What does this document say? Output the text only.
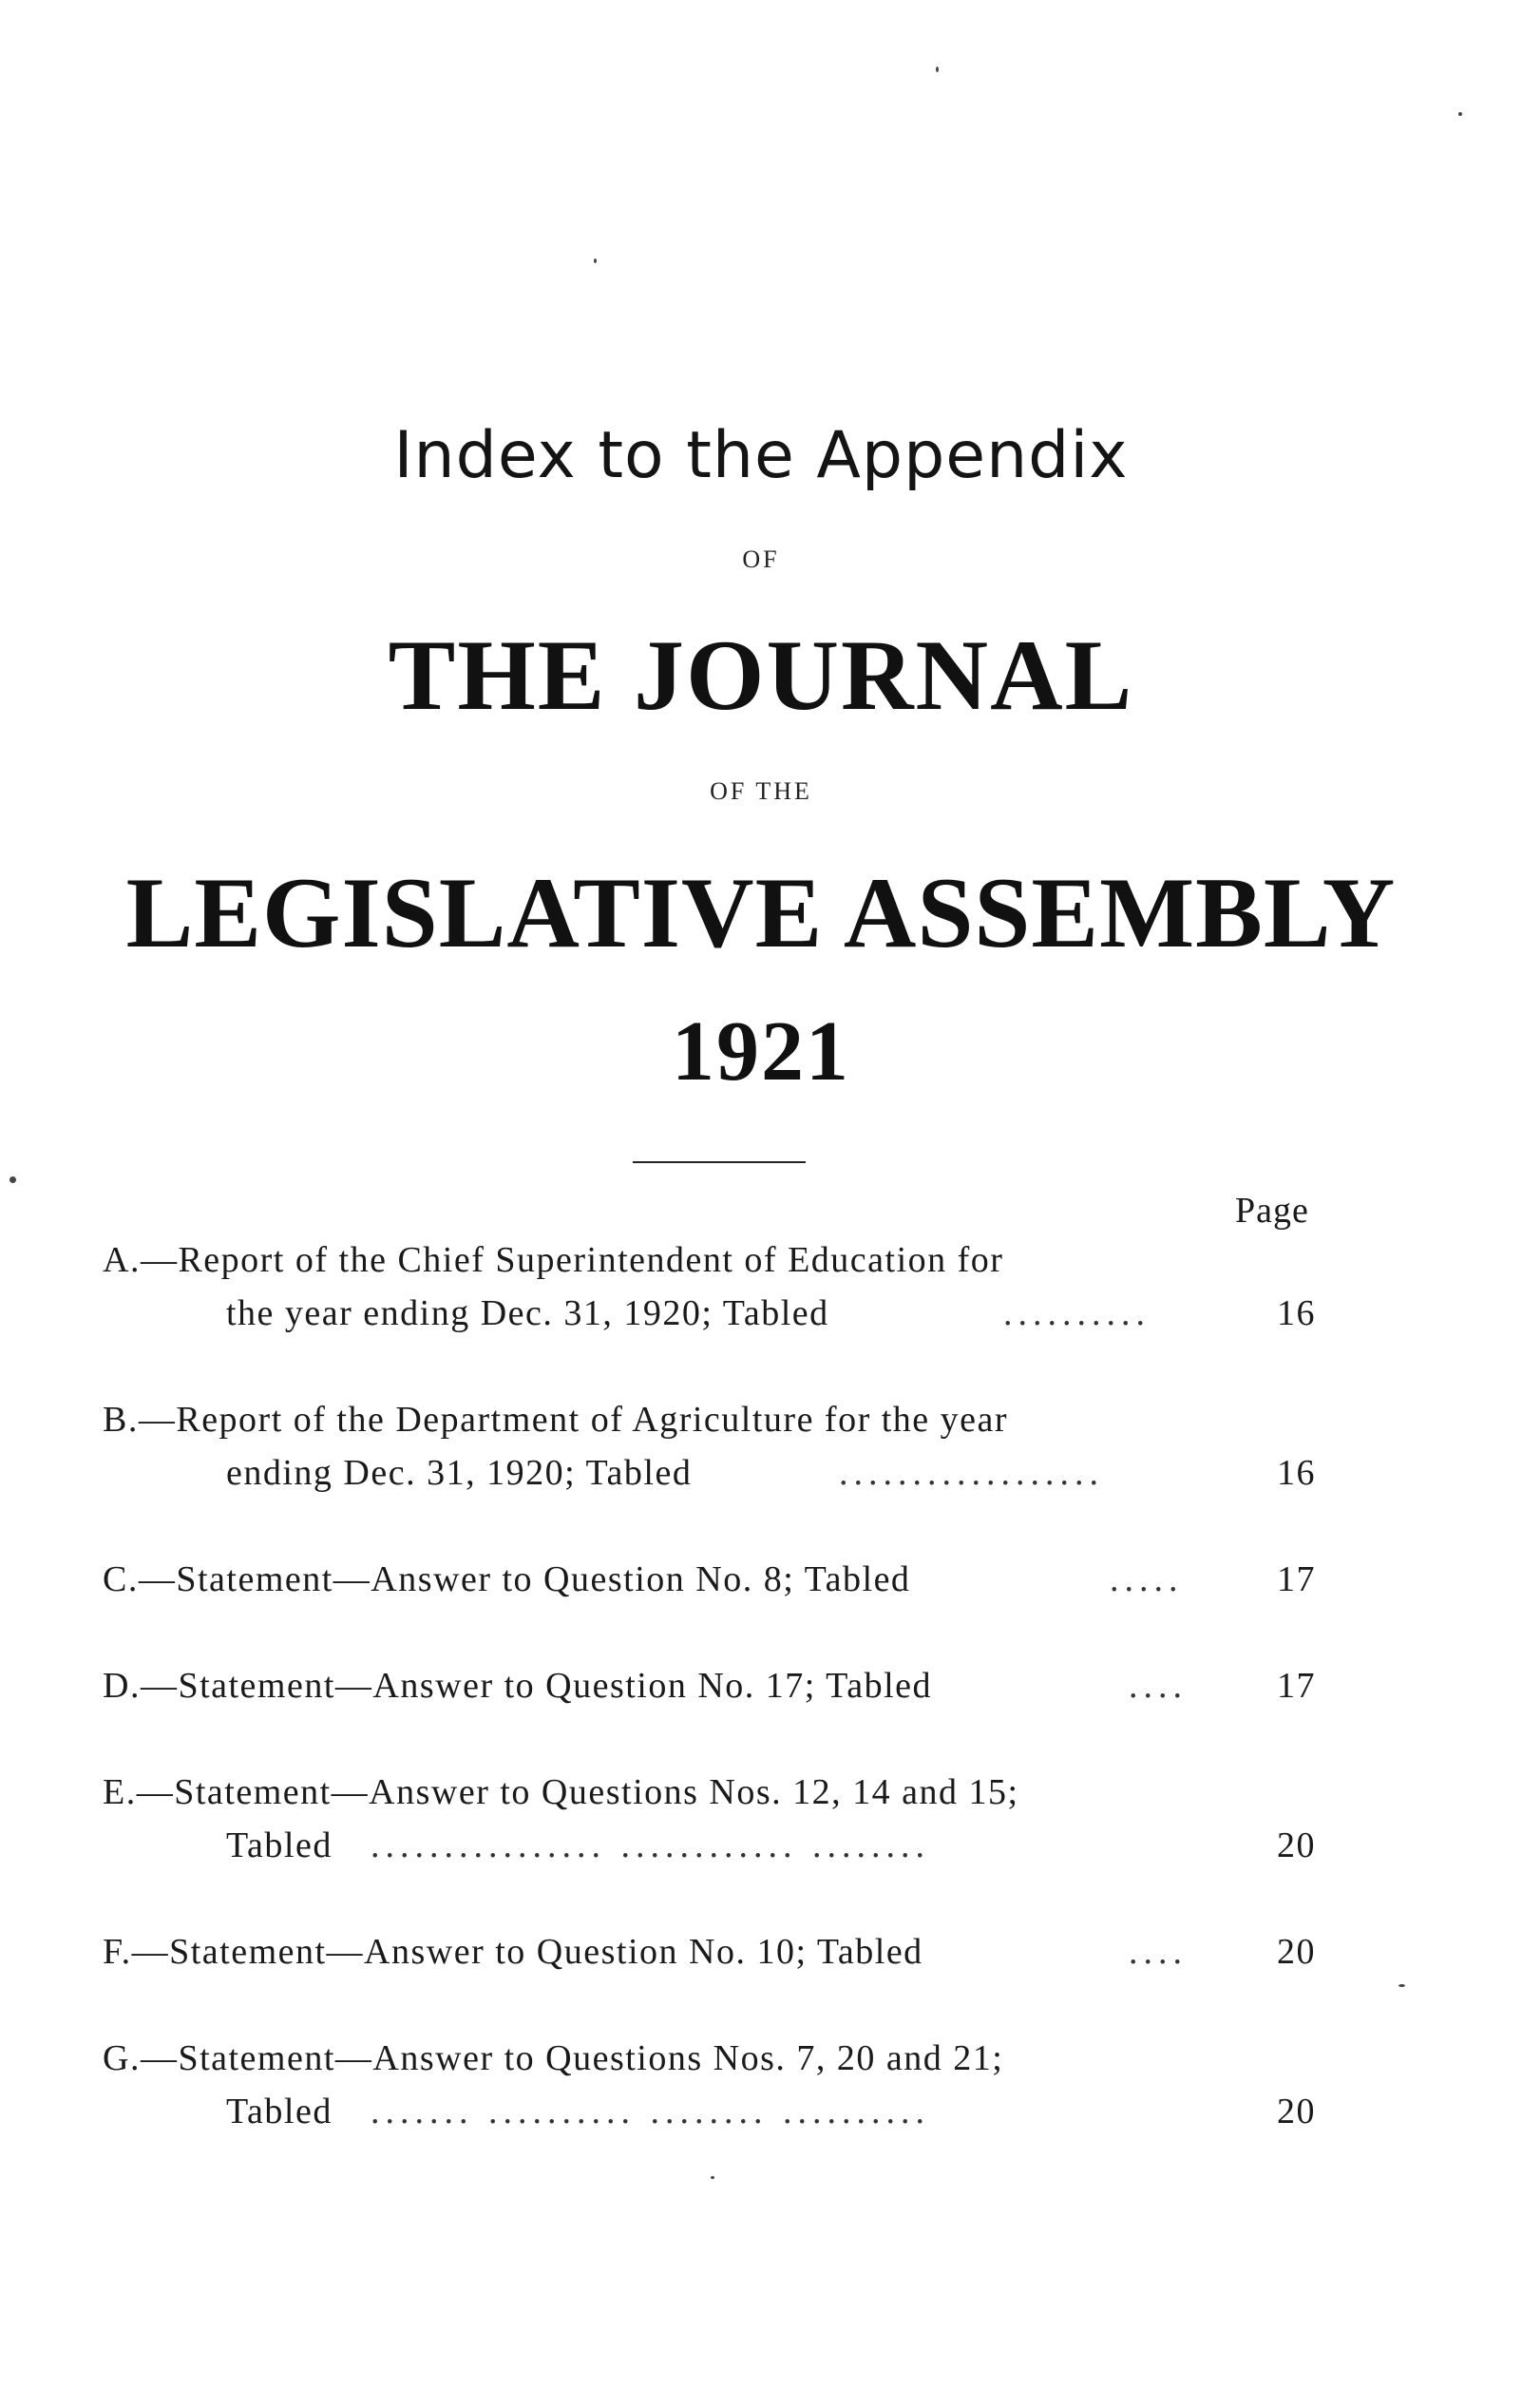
Index to the Appendix
OF
THE JOURNAL
OF THE
LEGISLATIVE ASSEMBLY
1921
Page
A.—Report of the Chief Superintendent of Education for
the year ending Dec. 31, 1920; Tabled	..........	16
B.—Report of the Department of Agriculture for the year
ending Dec. 31, 1920; Tabled	..................	16
C.—Statement—Answer to Question No. 8; Tabled	.....	17
D.—Statement—Answer to Question No. 17; Tabled	.... 17
E.—Statement—Answer to Questions Nos. 12, 14 and 15;
Tabled ................ ............ ........	20
F.—Statement—Answer to Question No. 10; Tabled	.... 20
G.—Statement—Answer to Questions Nos. 7, 20 and 21;
Tabled ....... .......... ........ ..........	20
